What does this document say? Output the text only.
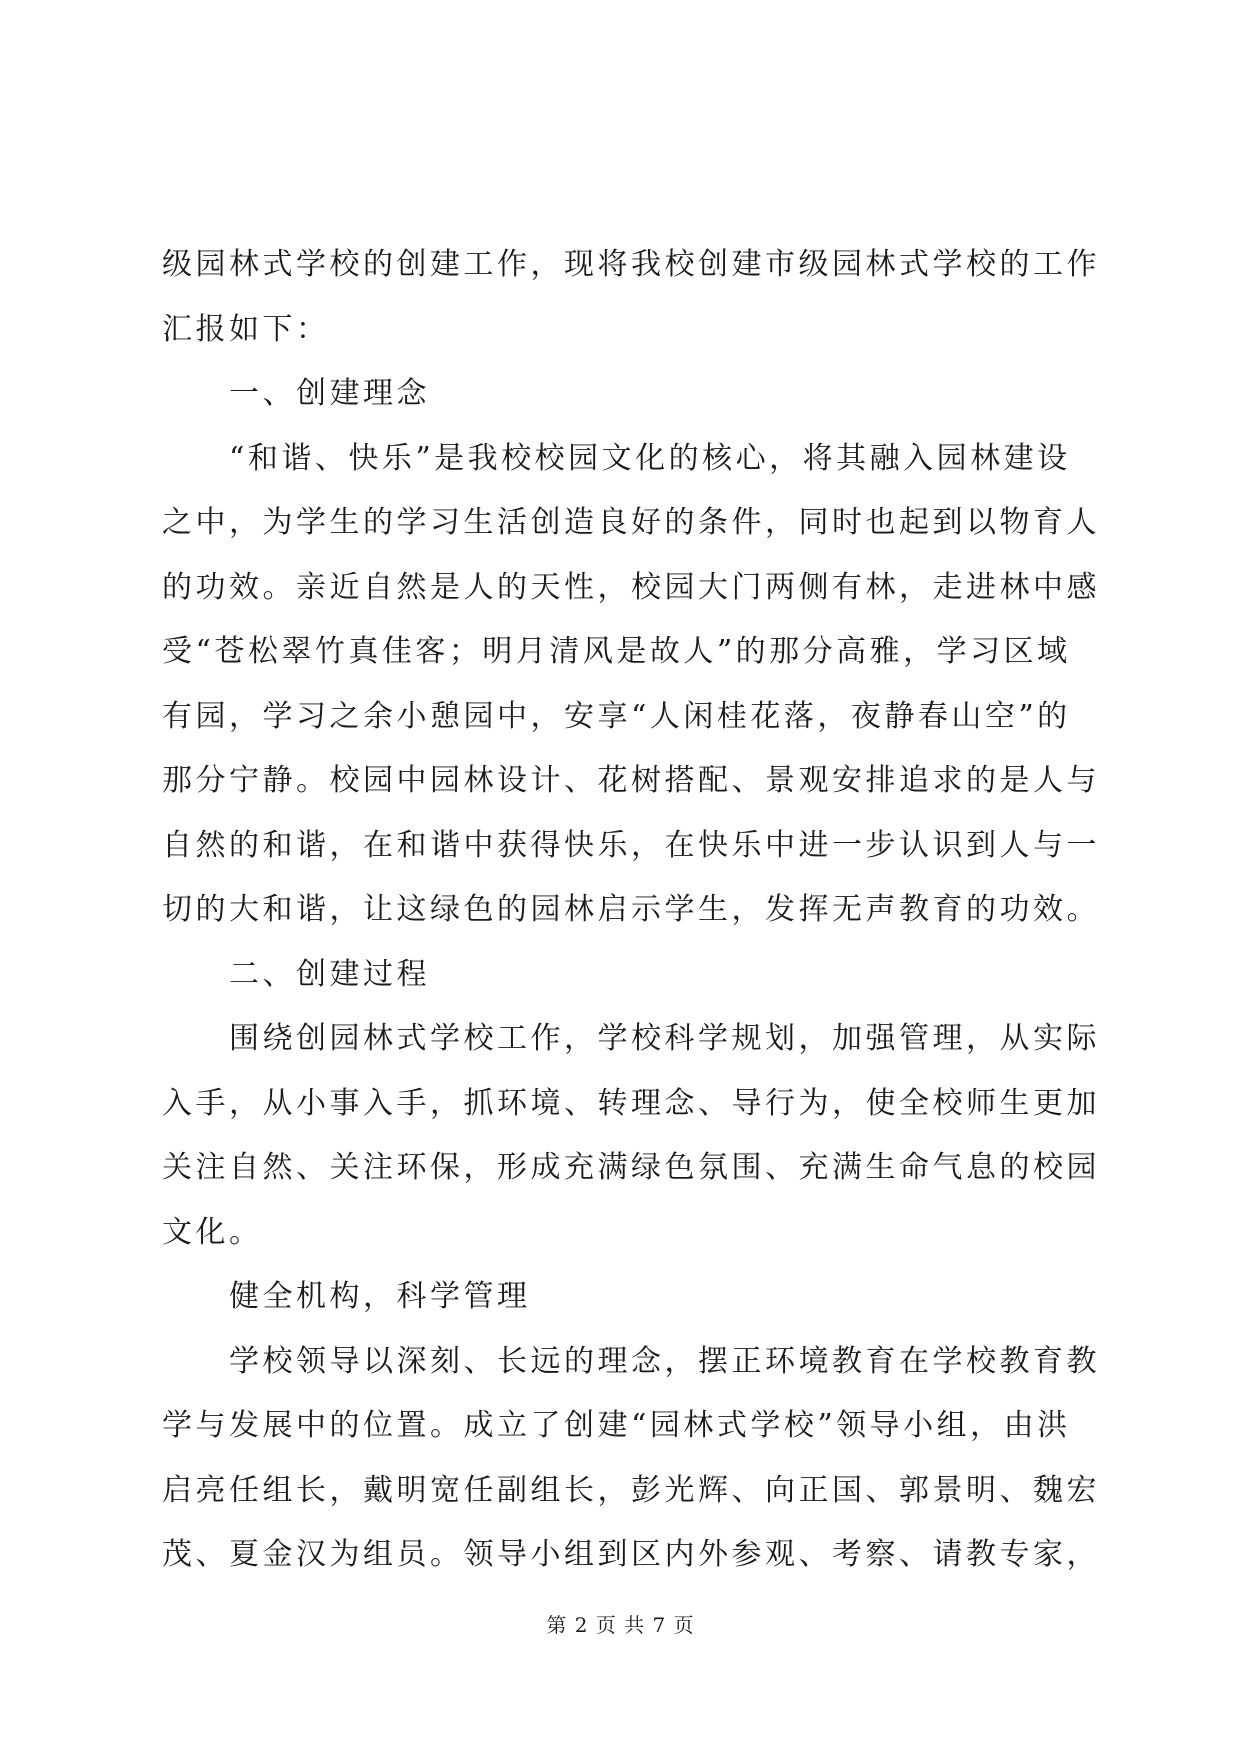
级园林式学校的创建工作，现将我校创建市级园林式学校的工作
汇报如下：
一、创建理念
“和谐、快乐”是我校校园文化的核心，将其融入园林建设
之中，为学生的学习生活创造良好的条件，同时也起到以物育人
的功效。亲近自然是人的天性，校园大门两侧有林，走进林中感
受“苍松翠竹真佳客；明月清风是故人”的那分高雅，学习区域
有园，学习之余小憩园中，安享“人闲桂花落，夜静春山空”的
那分宁静。校园中园林设计、花树搭配、景观安排追求的是人与
自然的和谐，在和谐中获得快乐，在快乐中进一步认识到人与一
切的大和谐，让这绿色的园林启示学生，发挥无声教育的功效。
二、创建过程
围绕创园林式学校工作，学校科学规划，加强管理，从实际
入手，从小事入手，抓环境、转理念、导行为，使全校师生更加
关注自然、关注环保，形成充满绿色氛围、充满生命气息的校园
文化。
健全机构，科学管理
学校领导以深刻、长远的理念，摆正环境教育在学校教育教
学与发展中的位置。成立了创建“园林式学校”领导小组，由洪
启亮任组长，戴明宽任副组长，彭光辉、向正国、郭景明、魏宏
茂、夏金汉为组员。领导小组到区内外参观、考察、请教专家，
第 2 页 共 7 页
